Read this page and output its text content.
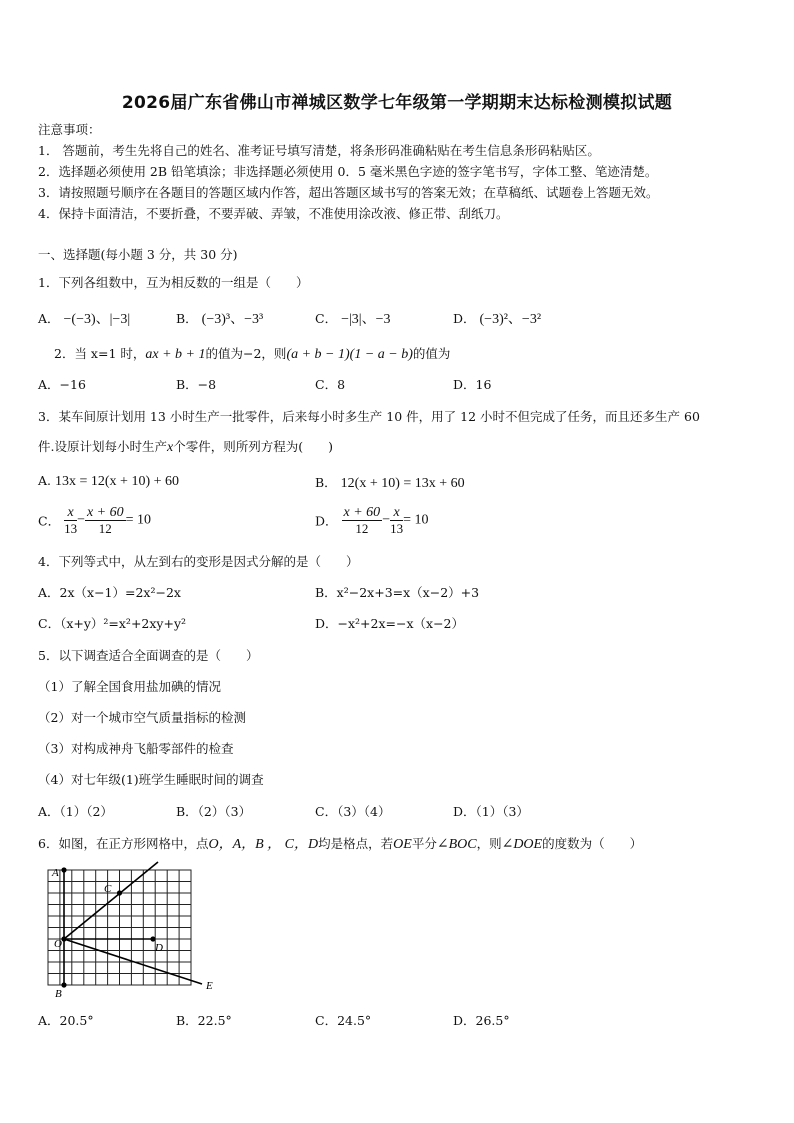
2026届广东省佛山市禅城区数学七年级第一学期期末达标检测模拟试题
注意事项：
1． 答题前，考生先将自己的姓名、准考证号填写清楚，将条形码准确粘贴在考生信息条形码粘贴区。
2．选择题必须使用 2B 铅笔填涂；非选择题必须使用 0．5 毫米黑色字迹的签字笔书写，字体工整、笔迹清楚。
3．请按照题号顺序在各题目的答题区域内作答，超出答题区域书写的答案无效；在草稿纸、试题卷上答题无效。
4．保持卡面清洁，不要折叠，不要弄破、弄皱，不准使用涂改液、修正带、刮纸刀。
一、选择题(每小题 3 分，共 30 分)
1．下列各组数中，互为相反数的一组是（　　）
A． −(−3)、|−3|	B． (−3)³、−3³	C． −|3|、−3	D． (−3)²、−3²
2．当 x=1 时，ax + b + 1的值为−2，则(a + b − 1)(1 − a − b)的值为
A．−16	B．−8	C．8	D．16
3．某车间原计划用 13 小时生产一批零件，后来每小时多生产 10 件，用了 12 小时不但完成了任务，而且还多生产 60
件.设原计划每小时生产x个零件，则所列方程为(　　)
A. 13x = 12(x + 10) + 60	B． 12(x + 10) = 13x + 60
C． $\frac{x}{13} - \frac{x + 60}{12} = 10$	D． $\frac{x + 60}{12} - \frac{x}{13} = 10$
4．下列等式中，从左到右的变形是因式分解的是（　　）
A．2x（x−1）=2x²−2x	B．x²−2x+3=x（x−2）+3
C．（x+y）²=x²+2xy+y²	D．−x²+2x=−x（x−2）
5．以下调查适合全面调查的是（　　）
（1）了解全国食用盐加碘的情况
（2）对一个城市空气质量指标的检测
（3）对构成神舟飞船零部件的检查
（4）对七年级(1)班学生睡眠时间的调查
A．（1）（2）	B．（2）（3）	C．（3）（4）	D．（1）（3）
6．如图，在正方形网格中，点O，A，B ， C，D均是格点，若OE平分∠BOC，则∠DOE的度数为（　　）
A
O
B
C
D
E
A．20.5°	B．22.5°	C．24.5°	D．26.5°
